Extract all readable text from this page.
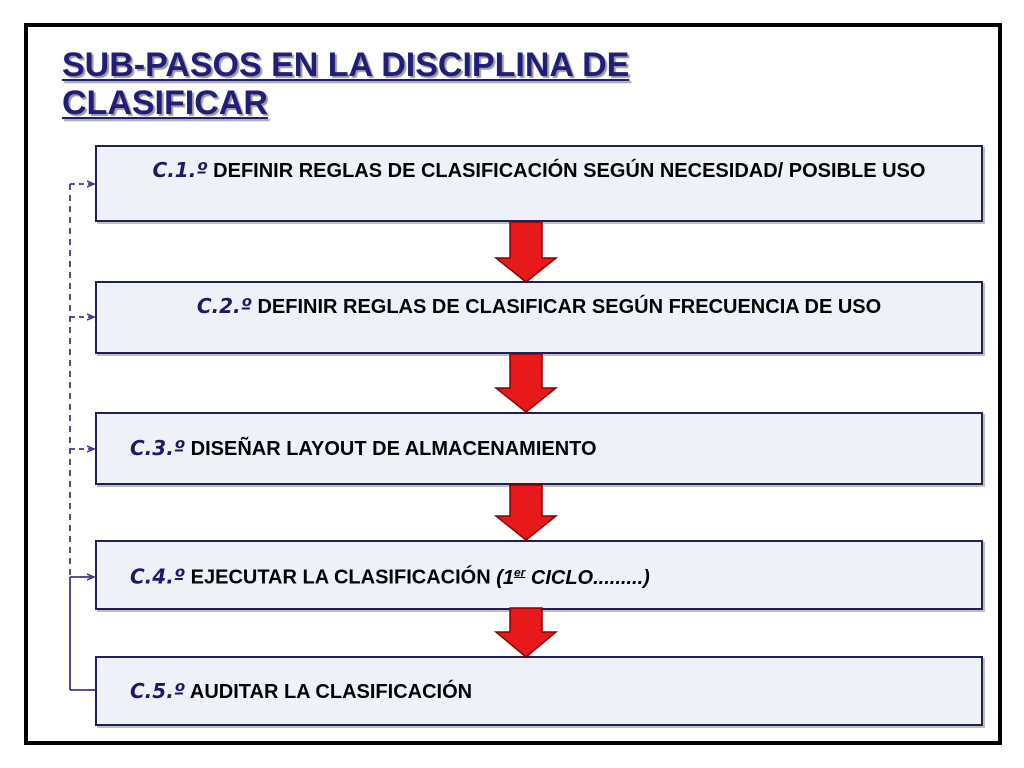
SUB-PASOS EN LA DISCIPLINA DE CLASIFICAR
C.1.º DEFINIR REGLAS DE CLASIFICACIÓN SEGÚN NECESIDAD/ POSIBLE USO
C.2.º DEFINIR REGLAS DE CLASIFICAR SEGÚN FRECUENCIA DE USO
C.3.º DISEÑAR LAYOUT DE ALMACENAMIENTO
C.4.º EJECUTAR LA CLASIFICACIÓN (1er CICLO.........)
C.5.º AUDITAR LA CLASIFICACIÓN
